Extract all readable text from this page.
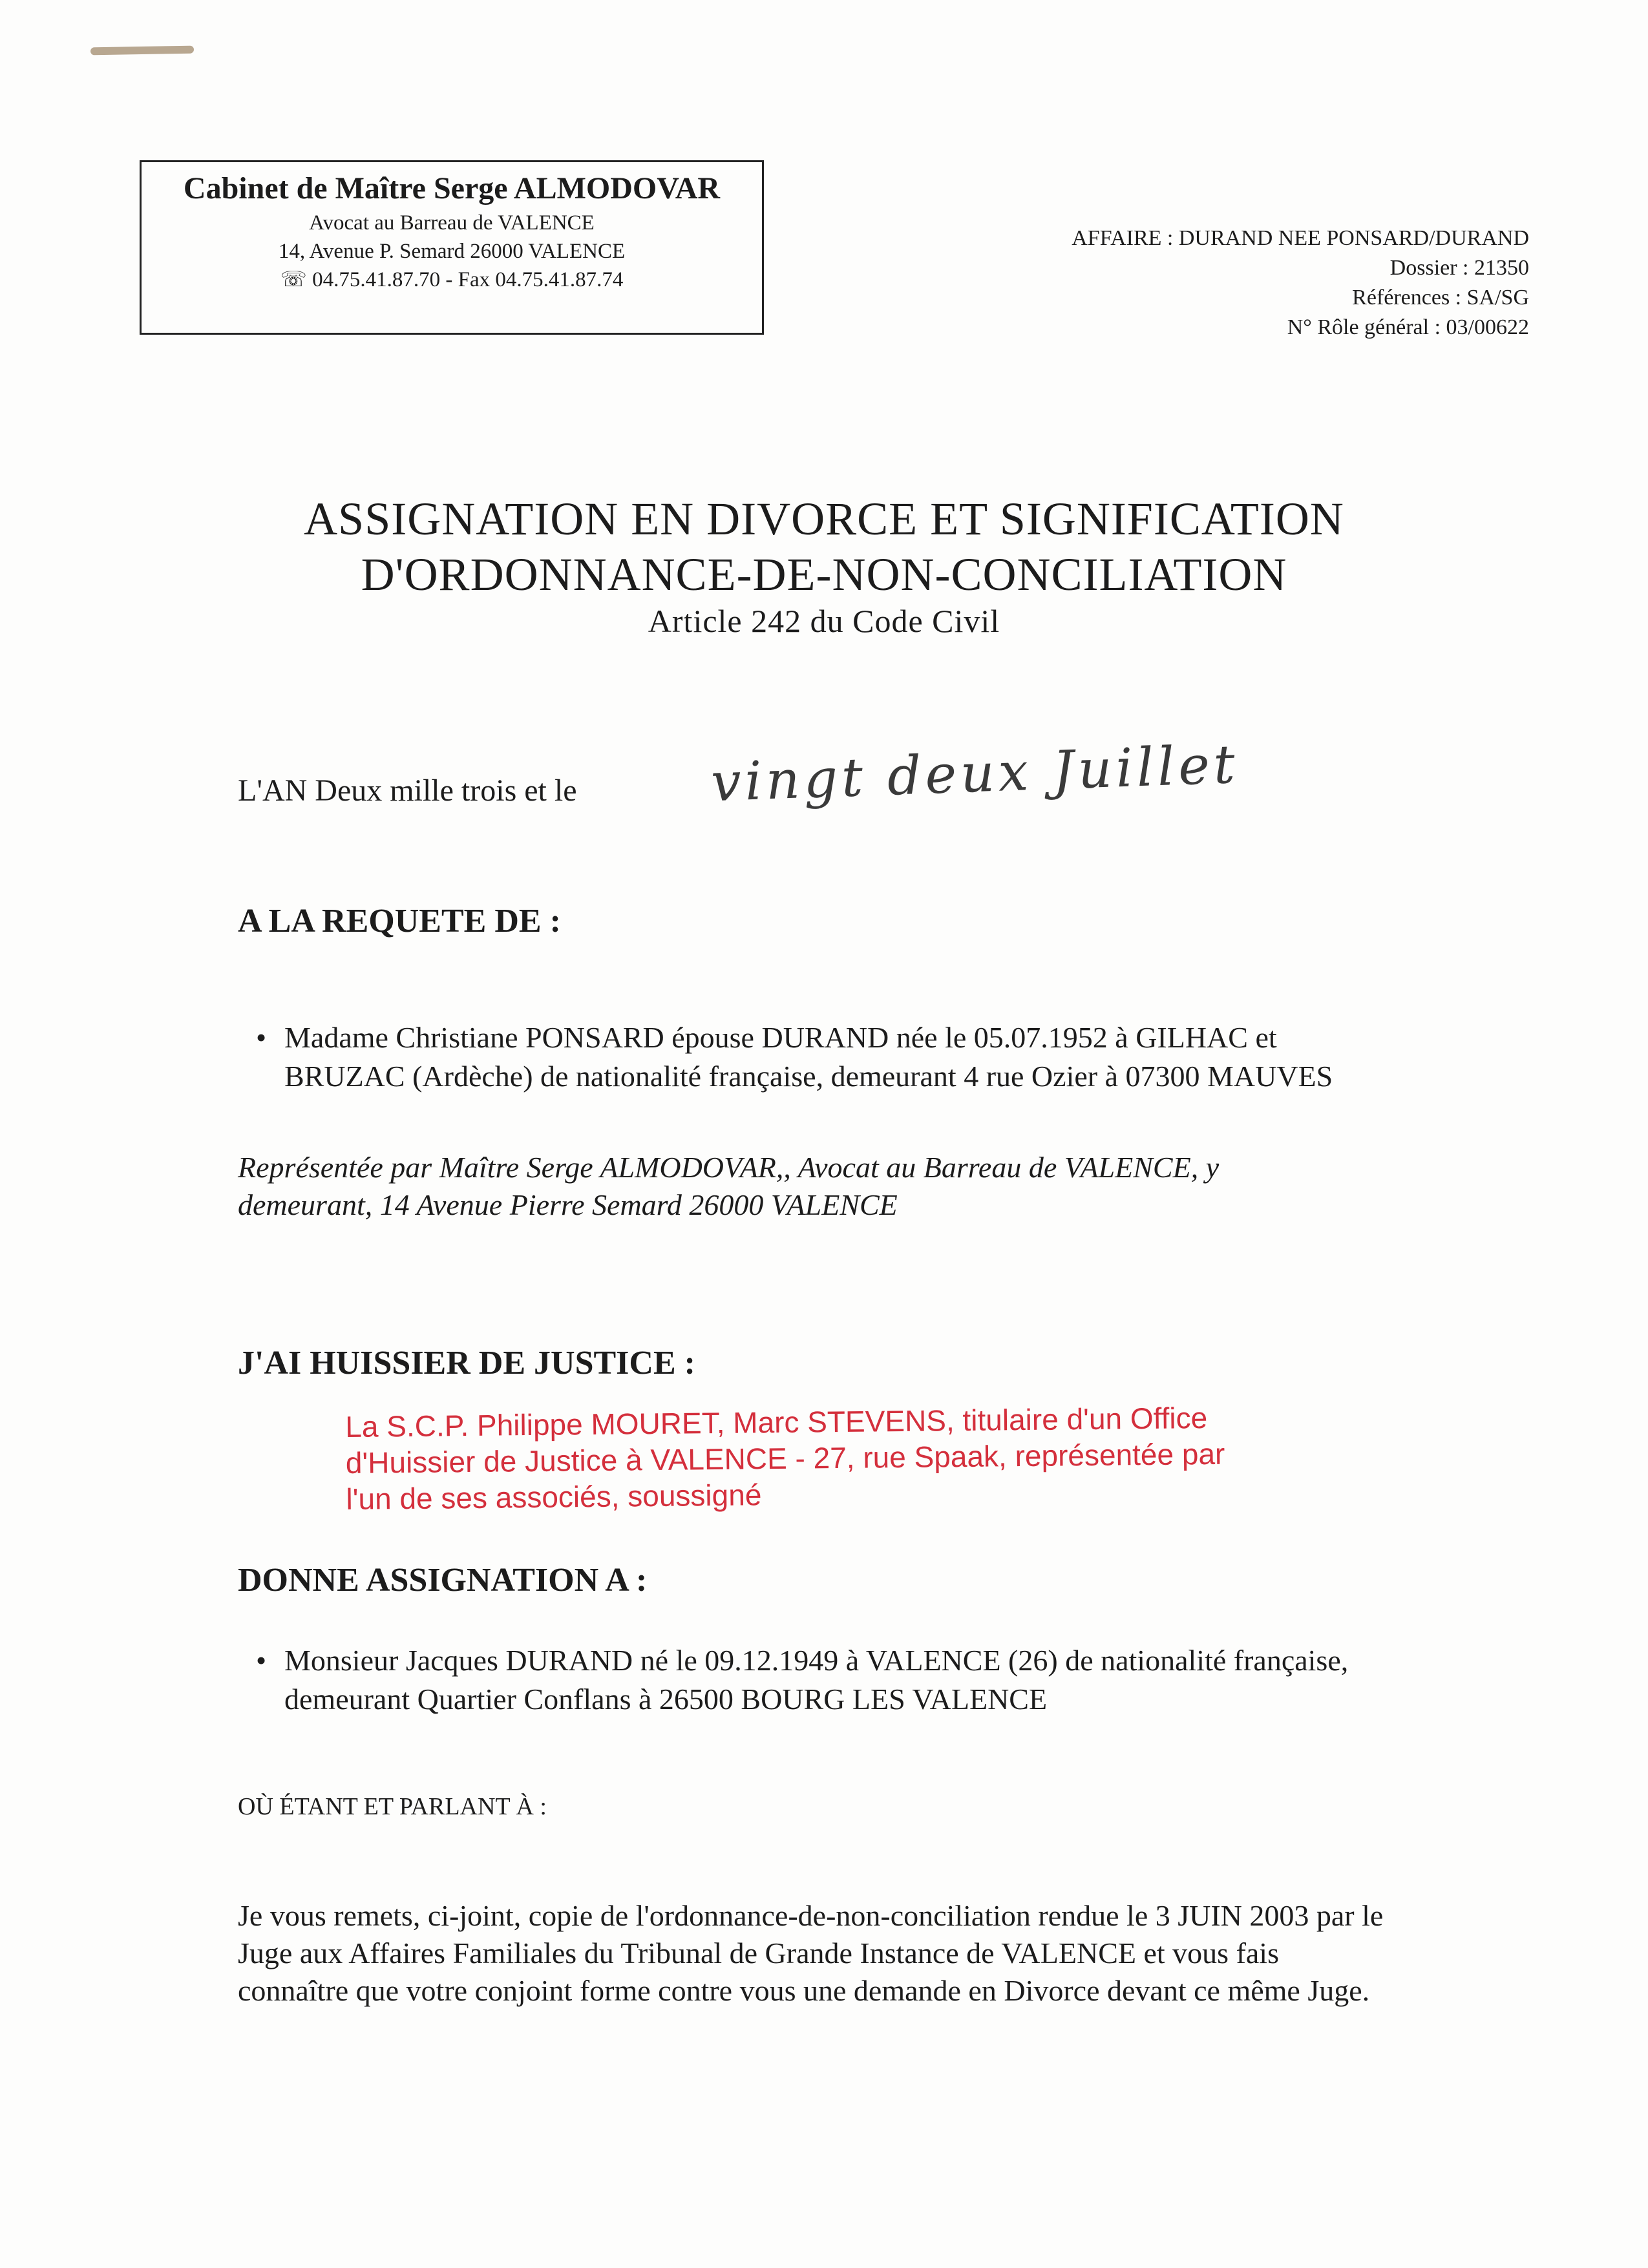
Cabinet de Maître Serge ALMODOVAR
Avocat au Barreau de VALENCE
14, Avenue P. Semard 26000 VALENCE
☏ 04.75.41.87.70 - Fax 04.75.41.87.74
AFFAIRE : DURAND NEE PONSARD/DURAND
Dossier : 21350
Références : SA/SG
N° Rôle général : 03/00622
ASSIGNATION EN DIVORCE ET SIGNIFICATION
D'ORDONNANCE-DE-NON-CONCILIATION
Article 242 du Code Civil
L'AN Deux mille trois et le	vingt deux Juillet
A LA REQUETE DE :
• Madame Christiane PONSARD épouse DURAND née le 05.07.1952 à GILHAC et
BRUZAC (Ardèche) de nationalité française, demeurant 4 rue Ozier à 07300 MAUVES
Représentée par Maître Serge ALMODOVAR,, Avocat au Barreau de VALENCE, y
demeurant, 14 Avenue Pierre Semard 26000 VALENCE
J'AI HUISSIER DE JUSTICE :
La S.C.P. Philippe MOURET, Marc STEVENS, titulaire d'un Office
d'Huissier de Justice à VALENCE - 27, rue Spaak, représentée par
l'un de ses associés, soussigné
DONNE ASSIGNATION A :
• Monsieur Jacques DURAND né le 09.12.1949 à VALENCE (26) de nationalité française,
demeurant Quartier Conflans à 26500 BOURG LES VALENCE
OÙ ÉTANT ET PARLANT À :
Je vous remets, ci-joint, copie de l'ordonnance-de-non-conciliation rendue le 3 JUIN 2003 par le
Juge aux Affaires Familiales du Tribunal de Grande Instance de VALENCE et vous fais
connaître que votre conjoint forme contre vous une demande en Divorce devant ce même Juge.
